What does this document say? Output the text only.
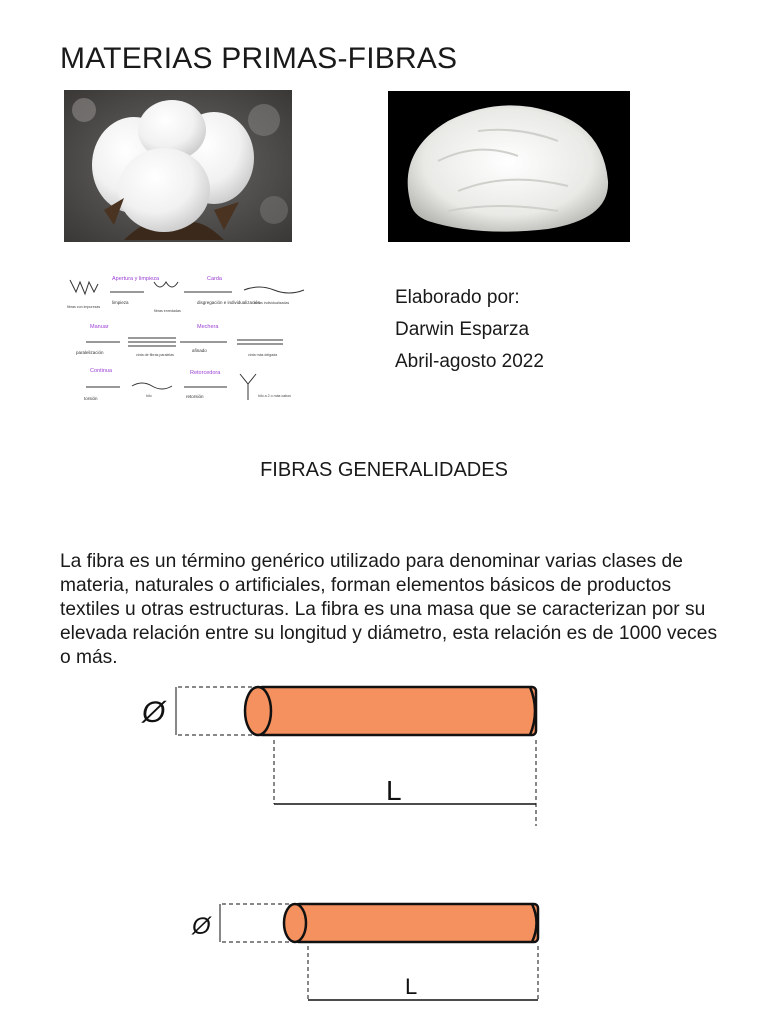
MATERIAS PRIMAS-FIBRAS
Apertura y limpieza	Carda
Manuar	Mechera
Continua	Retorcedora
limpieza	disgregación e individualización
paralelización	afinado
torsión	retorsión
fibras con impurezas
fibras enredadas
fibras individualizadas
cinta de fibras paralelas	cinta más delgada
hilo	hilo a 2 o más cabos
Elaborado por:
Darwin Esparza
Abril-agosto 2022
FIBRAS GENERALIDADES
La fibra es un término genérico utilizado para denominar varias clases de materia, naturales o artificiales, forman elementos básicos de productos textiles u otras estructuras. La fibra es una masa que se caracterizan por su elevada relación entre su longitud y diámetro, esta relación es de 1000 veces o más.
Ø
L
Ø
L
